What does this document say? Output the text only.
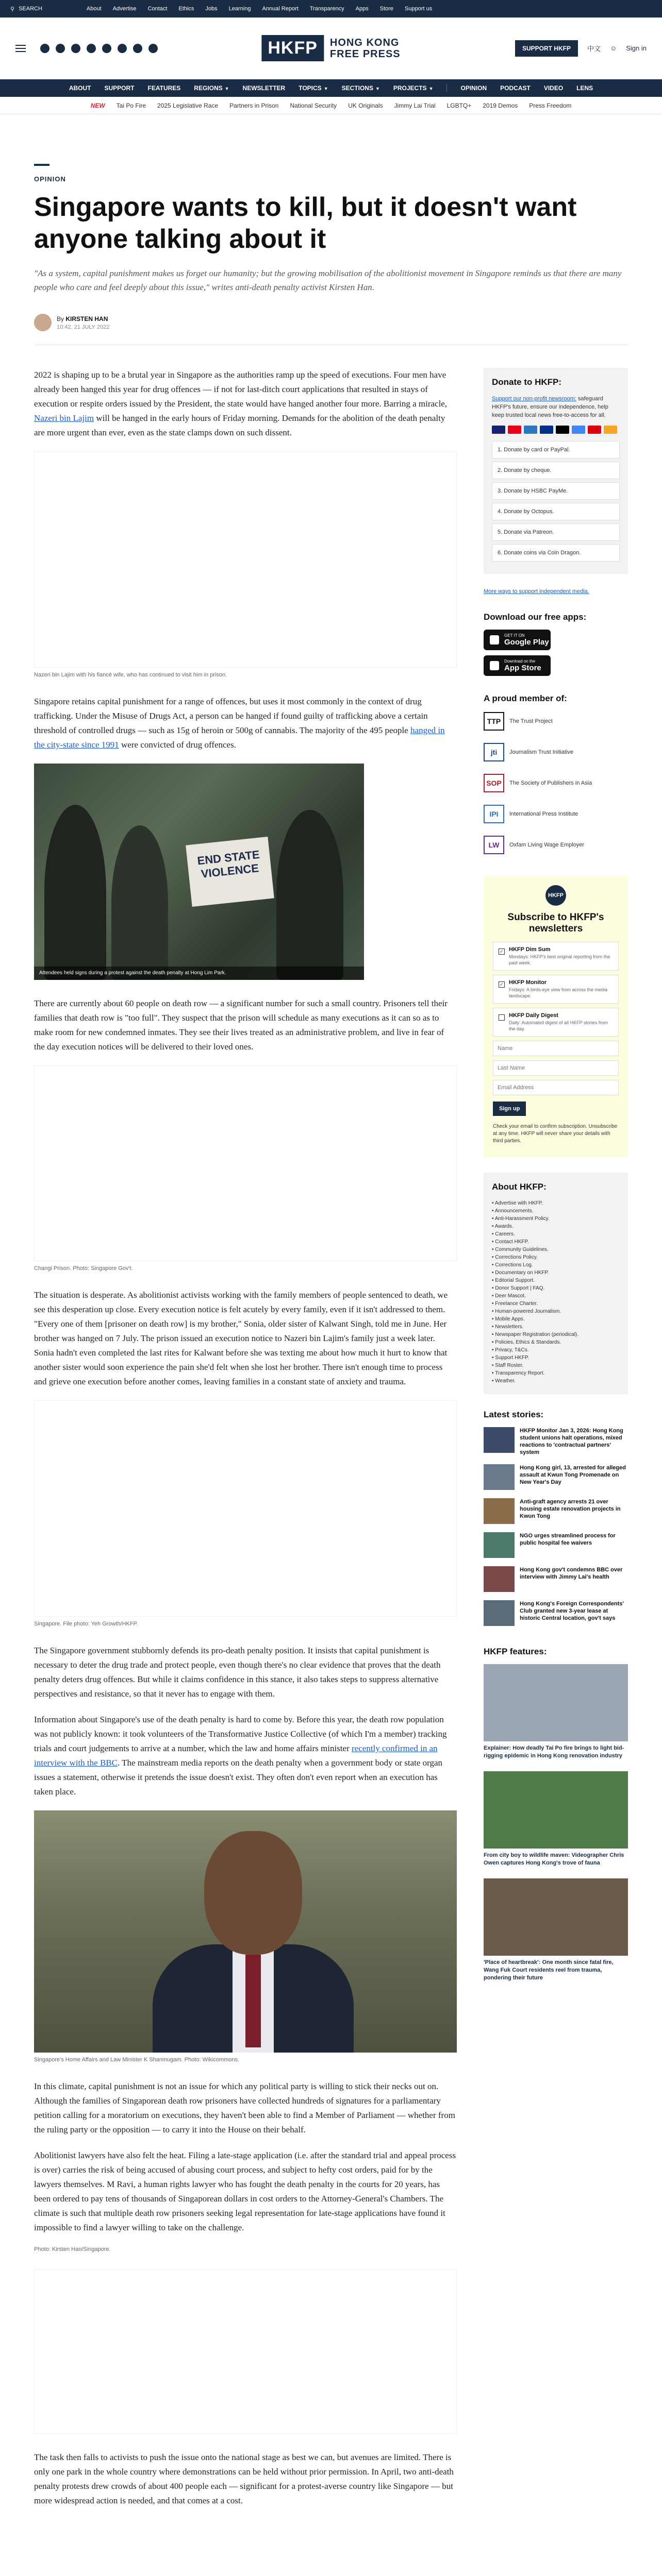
⚲ SEARCH	About Advertise Contact Ethics Jobs Learning Annual Report Transparency Apps Store Support us
HKFP	HONG KONG
FREE PRESS	SUPPORT HKFP	中文 ☺ Sign in
ABOUT SUPPORT FEATURES REGIONS ▼ NEWSLETTER TOPICS ▼ SECTIONS ▼ PROJECTS ▼	OPINION PODCAST VIDEO LENS
NEW Tai Po Fire 2025 Legislative Race Partners in Prison National Security UK Originals Jimmy Lai Trial LGBTQ+ 2019 Demos Press Freedom
OPINION
Singapore wants to kill, but it doesn't want anyone talking about it
"As a system, capital punishment makes us forget our humanity; but the growing mobilisation of the abolitionist movement in Singapore reminds us that there are many people who care and feel deeply about this issue," writes anti-death penalty activist Kirsten Han.
By KIRSTEN HAN
10:42, 21 JULY 2022

2022 is shaping up to be a brutal year in Singapore as the authorities ramp up the speed of executions. Four men have already been hanged this year for drug offences — if not for last-ditch court applications that resulted in stays of execution or respite orders issued by the President, the state would have hanged another four more. Barring a miracle, Nazeri bin Lajim will be hanged in the early hours of Friday morning. Demands for the abolition of the death penalty are more urgent than ever, even as the state clamps down on such dissent.

Nazeri bin Lajim with his fiancé wife, who has continued to visit him in prison.

Singapore retains capital punishment for a range of offences, but uses it most commonly in the context of drug trafficking. Under the Misuse of Drugs Act, a person can be hanged if found guilty of trafficking above a certain threshold of controlled drugs — such as 15g of heroin or 500g of cannabis. The majority of the 495 people hanged in the city-state since 1991 were convicted of drug offences.

END STATE VIOLENCE
Attendees held signs during a protest against the death penalty at Hong Lim Park.

There are currently about 60 people on death row — a significant number for such a small country. Prisoners tell their families that death row is "too full". They suspect that the prison will schedule as many executions as it can so as to make room for new condemned inmates. They see their lives treated as an administrative problem, and live in fear of the day execution notices will be delivered to their loved ones.

Changi Prison. Photo: Singapore Gov't.

The situation is desperate. As abolitionist activists working with the family members of people sentenced to death, we see this desperation up close. Every execution notice is felt acutely by every family, even if it isn't addressed to them. "Every one of them [prisoner on death row] is my brother," Sonia, older sister of Kalwant Singh, told me in June. Her brother was hanged on 7 July. The prison issued an execution notice to Nazeri bin Lajim's family just a week later. Sonia hadn't even completed the last rites for Kalwant before she was texting me about how much it hurt to know that another sister would soon experience the pain she'd felt when she lost her brother. There isn't enough time to process and grieve one execution before another comes, leaving families in a constant state of anxiety and trauma.

Singapore. File photo: Yeh Growth/HKFP.

The Singapore government stubbornly defends its pro-death penalty position. It insists that capital punishment is necessary to deter the drug trade and protect people, even though there's no clear evidence that proves that the death penalty deters drug offences. But while it claims confidence in this stance, it also takes steps to suppress alternative perspectives and resistance, so that it never has to engage with them.

Information about Singapore's use of the death penalty is hard to come by. Before this year, the death row population was not publicly known: it took volunteers of the Transformative Justice Collective (of which I'm a member) tracking trials and court judgements to arrive at a number, which the law and home affairs minister recently confirmed in an interview with the BBC. The mainstream media reports on the death penalty when a government body or state organ issues a statement, otherwise it pretends the issue doesn't exist. They often don't even report when an execution has taken place.

Singapore's Home Affairs and Law Minister K Shanmugam. Photo: Wikicommons.

In this climate, capital punishment is not an issue for which any political party is willing to stick their necks out on. Although the families of Singaporean death row prisoners have collected hundreds of signatures for a parliamentary petition calling for a moratorium on executions, they haven't been able to find a Member of Parliament — whether from the ruling party or the opposition — to carry it into the House on their behalf.

Abolitionist lawyers have also felt the heat. Filing a late-stage application (i.e. after the standard trial and appeal process is over) carries the risk of being accused of abusing court process, and subject to hefty cost orders, paid for by the lawyers themselves. M Ravi, a human rights lawyer who has fought the death penalty in the courts for 20 years, has been ordered to pay tens of thousands of Singaporean dollars in cost orders to the Attorney-General's Chambers. The climate is such that multiple death row prisoners seeking legal representation for late-stage applications have found it impossible to find a lawyer willing to take on the challenge.

Photo: Kirsten Han/Singapore.

The task then falls to activists to push the issue onto the national stage as best we can, but avenues are limited. There is only one park in the whole country where demonstrations can be held without prior permission. In April, two anti-death penalty protests drew crowds of about 400 people each — significant for a protest-averse country like Singapore — but more widespread action is needed, and that comes at a cost.

Donate to HKFP:
Support our non-profit newsroom: safeguard HKFP's future, ensure our independence, help keep trusted local news free-to-access for all.
1. Donate by card or PayPal.
2. Donate by cheque.
3. Donate by HSBC PayMe.
4. Donate by Octopus.
5. Donate via Patreon.
6. Donate coins via Coin Dragon.
More ways to support independent media.
Download our free apps:
GET IT ON
Google Play
Download on the
App Store
A proud member of:
TTP	The Trust Project
jti	Journalism Trust Initiative
SOP	The Society of Publishers in Asia
IPI	International Press Institute
LW	Oxfam Living Wage Employer
HKFP
Subscribe to HKFP's newsletters
✓ HKFP Dim Sum
Mondays: HKFP's best original reporting from the past week.
✓ HKFP Monitor
Fridays: A birds-eye view from across the media landscape.
HKFP Daily Digest
Daily: Automated digest of all HKFP stories from the day.
Name Last Name Email Address Sign up
Check your email to confirm subscription. Unsubscribe at any time. HKFP will never share your details with third parties.
About HKFP:
• Advertise with HKFP.
• Announcements.
• Anti-Harassment Policy.
• Awards.
• Careers.
• Contact HKFP.
• Community Guidelines.
• Corrections Policy.
• Corrections Log.
• Documentary on HKFP.
• Editorial Support.
• Donor Support | FAQ.
• Deer Mascot.
• Freelance Charter.
• Human-powered Journalism.
• Mobile Apps.
• Newsletters.
• Newspaper Registration (periodical).
• Policies, Ethics & Standards.
• Privacy, T&Cs.
• Support HKFP.
• Staff Roster.
• Transparency Report.
• Weather.
Latest stories:
HKFP Monitor Jan 3, 2026: Hong Kong student unions halt operations, mixed reactions to 'contractual partners' system
Hong Kong girl, 13, arrested for alleged assault at Kwun Tong Promenade on New Year's Day
Anti-graft agency arrests 21 over housing estate renovation projects in Kwun Tong
NGO urges streamlined process for public hospital fee waivers
Hong Kong gov't condemns BBC over interview with Jimmy Lai's health
Hong Kong's Foreign Correspondents' Club granted new 3-year lease at historic Central location, gov't says
HKFP features:
Explainer: How deadly Tai Po fire brings to light bid-rigging epidemic in Hong Kong renovation industry
From city boy to wildlife maven: Videographer Chris Owen captures Hong Kong's trove of fauna
'Place of heartbreak': One month since fatal fire, Wang Fuk Court residents reel from trauma, pondering their future
